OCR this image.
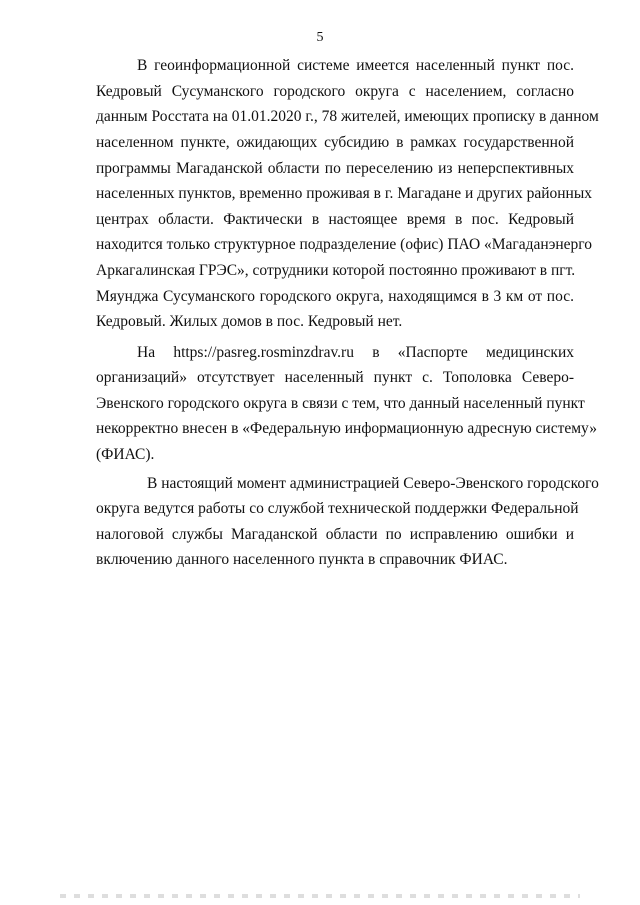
5
В геоинформационной системе имеется населенный пункт пос.
Кедровый Сусуманского городского округа с населением, согласно
данным Росстата на 01.01.2020 г., 78 жителей, имеющих прописку в данном
населенном пункте, ожидающих субсидию в рамках государственной
программы Магаданской области по переселению из неперспективных
населенных пунктов, временно проживая в г. Магадане и других районных
центрах области. Фактически в настоящее время в пос. Кедровый
находится только структурное подразделение (офис) ПАО «Магаданэнерго
Аркагалинская ГРЭС», сотрудники которой постоянно проживают в пгт.
Мяунджа Сусуманского городского округа, находящимся в 3 км от пос.
Кедровый. Жилых домов в пос. Кедровый нет.
На https://pasreg.rosminzdrav.ru в «Паспорте медицинских
организаций» отсутствует населенный пункт с. Тополовка Северо-
Эвенского городского округа в связи с тем, что данный населенный пункт
некорректно внесен в «Федеральную информационную адресную систему»
(ФИАС).
В настоящий момент администрацией Северо-Эвенского городского
округа ведутся работы со службой технической поддержки Федеральной
налоговой службы Магаданской области по исправлению ошибки и
включению данного населенного пункта в справочник ФИАС.
